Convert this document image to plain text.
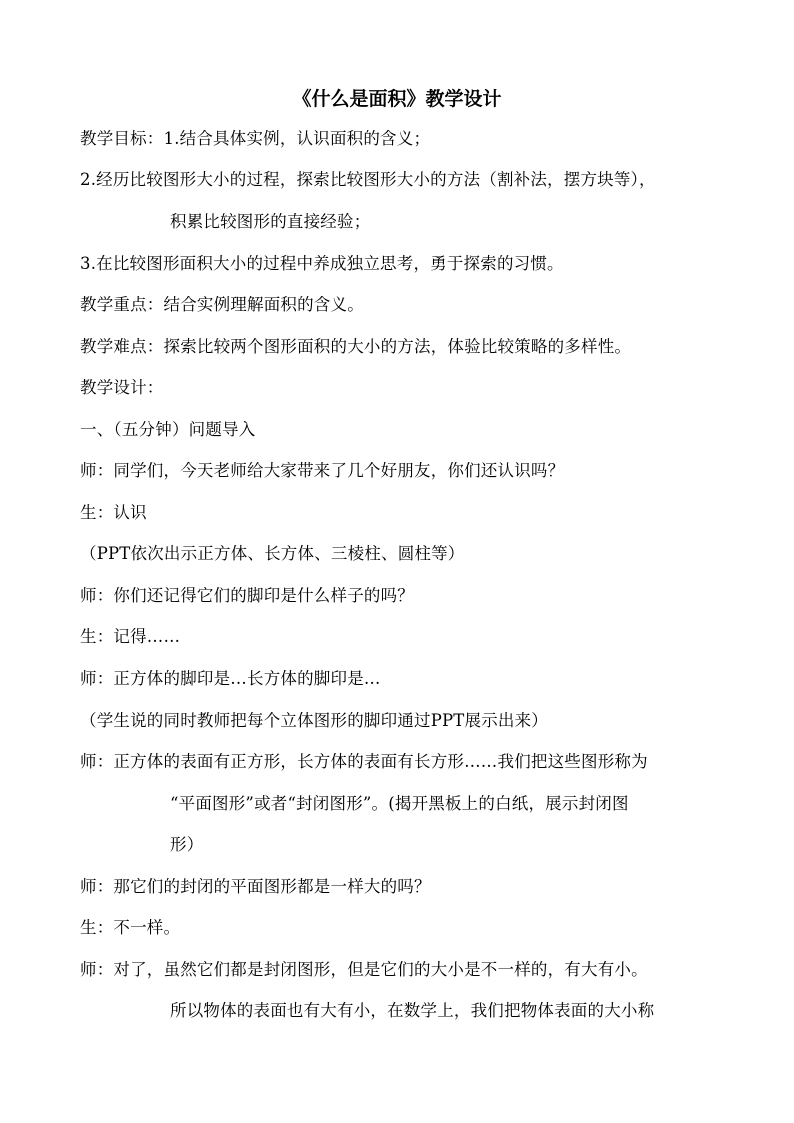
《什么是面积》教学设计
教学目标：1.结合具体实例，认识面积的含义；
2.经历比较图形大小的过程，探索比较图形大小的方法（割补法，摆方块等），
积累比较图形的直接经验；
3.在比较图形面积大小的过程中养成独立思考，勇于探索的习惯。
教学重点：结合实例理解面积的含义。
教学难点：探索比较两个图形面积的大小的方法，体验比较策略的多样性。
教学设计：
一、（五分钟）问题导入
师：同学们，今天老师给大家带来了几个好朋友，你们还认识吗？
生：认识
（PPT依次出示正方体、长方体、三棱柱、圆柱等）
师：你们还记得它们的脚印是什么样子的吗？
生：记得……
师：正方体的脚印是…长方体的脚印是…
（学生说的同时教师把每个立体图形的脚印通过PPT展示出来）
师：正方体的表面有正方形，长方体的表面有长方形……我们把这些图形称为
“平面图形”或者“封闭图形”。(揭开黑板上的白纸，展示封闭图
形）
师：那它们的封闭的平面图形都是一样大的吗？
生：不一样。
师：对了，虽然它们都是封闭图形，但是它们的大小是不一样的，有大有小。
所以物体的表面也有大有小，在数学上，我们把物体表面的大小称
